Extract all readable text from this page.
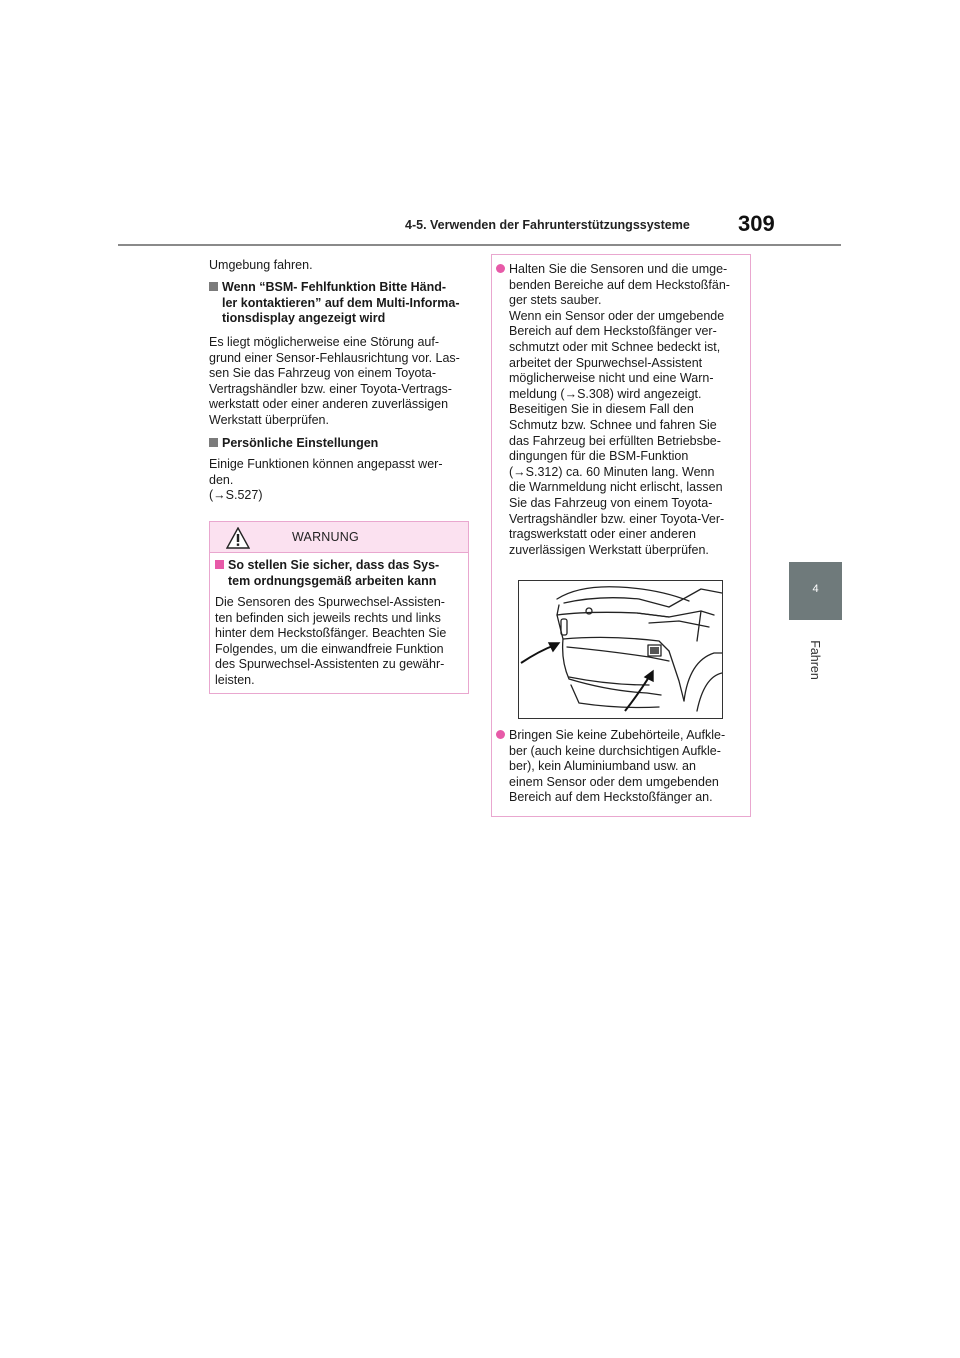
4-5. Verwenden der Fahrunterstützungssysteme 309
4
Fahren
Umgebung fahren.
Wenn “BSM- Fehlfunktion Bitte Händ-
ler kontaktieren” auf dem Multi-Informa-
tionsdisplay angezeigt wird
Es liegt möglicherweise eine Störung auf-
grund einer Sensor-Fehlausrichtung vor. Las-
sen Sie das Fahrzeug von einem Toyota-
Vertragshändler bzw. einer Toyota-Vertrags-
werkstatt oder einer anderen zuverlässigen
Werkstatt überprüfen.
Persönliche Einstellungen
Einige Funktionen können angepasst wer-
den.
(→S.527)
WARNUNG
So stellen Sie sicher, dass das Sys-
tem ordnungsgemäß arbeiten kann
Die Sensoren des Spurwechsel-Assisten-
ten befinden sich jeweils rechts und links
hinter dem Heckstoßfänger. Beachten Sie
Folgendes, um die einwandfreie Funktion
des Spurwechsel-Assistenten zu gewähr-
leisten.
Halten Sie die Sensoren und die umge-
benden Bereiche auf dem Heckstoßfän-
ger stets sauber.
Wenn ein Sensor oder der umgebende
Bereich auf dem Heckstoßfänger ver-
schmutzt oder mit Schnee bedeckt ist,
arbeitet der Spurwechsel-Assistent
möglicherweise nicht und eine Warn-
meldung (→S.308) wird angezeigt.
Beseitigen Sie in diesem Fall den
Schmutz bzw. Schnee und fahren Sie
das Fahrzeug bei erfüllten Betriebsbe-
dingungen für die BSM-Funktion
(→S.312) ca. 60 Minuten lang. Wenn
die Warnmeldung nicht erlischt, lassen
Sie das Fahrzeug von einem Toyota-
Vertragshändler bzw. einer Toyota-Ver-
tragswerkstatt oder einer anderen
zuverlässigen Werkstatt überprüfen.
Bringen Sie keine Zubehörteile, Aufkle-
ber (auch keine durchsichtigen Aufkle-
ber), kein Aluminiumband usw. an
einem Sensor oder dem umgebenden
Bereich auf dem Heckstoßfänger an.
